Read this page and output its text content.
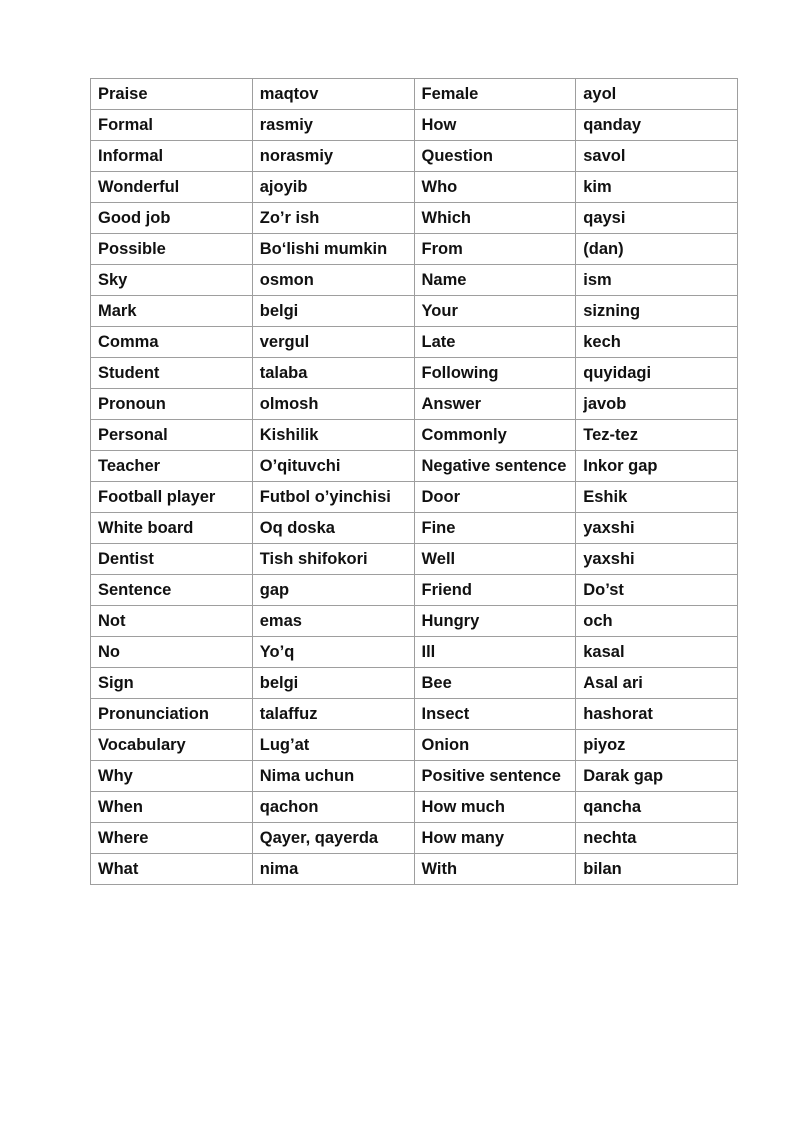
Praise	maqtov	Female	ayol
Formal	rasmiy	How	qanday
Informal	norasmiy	Question	savol
Wonderful	ajoyib	Who	kim
Good job	Zo’r ish	Which	qaysi
Possible	Bo‘lishi mumkin	From	(dan)
Sky	osmon	Name	ism
Mark	belgi	Your	sizning
Comma	vergul	Late	kech
Student	talaba	Following	quyidagi
Pronoun	olmosh	Answer	javob
Personal	Kishilik	Commonly	Tez-tez
Teacher	O’qituvchi	Negative sentence	Inkor gap
Football player	Futbol o’yinchisi	Door	Eshik
White board	Oq doska	Fine	yaxshi
Dentist	Tish shifokori	Well	yaxshi
Sentence	gap	Friend	Do’st
Not	emas	Hungry	och
No	Yo’q	Ill	kasal
Sign	belgi	Bee	Asal ari
Pronunciation	talaffuz	Insect	hashorat
Vocabulary	Lug’at	Onion	piyoz
Why	Nima uchun	Positive sentence	Darak gap
When	qachon	How much	qancha
Where	Qayer, qayerda	How many	nechta
What	nima	With	bilan
